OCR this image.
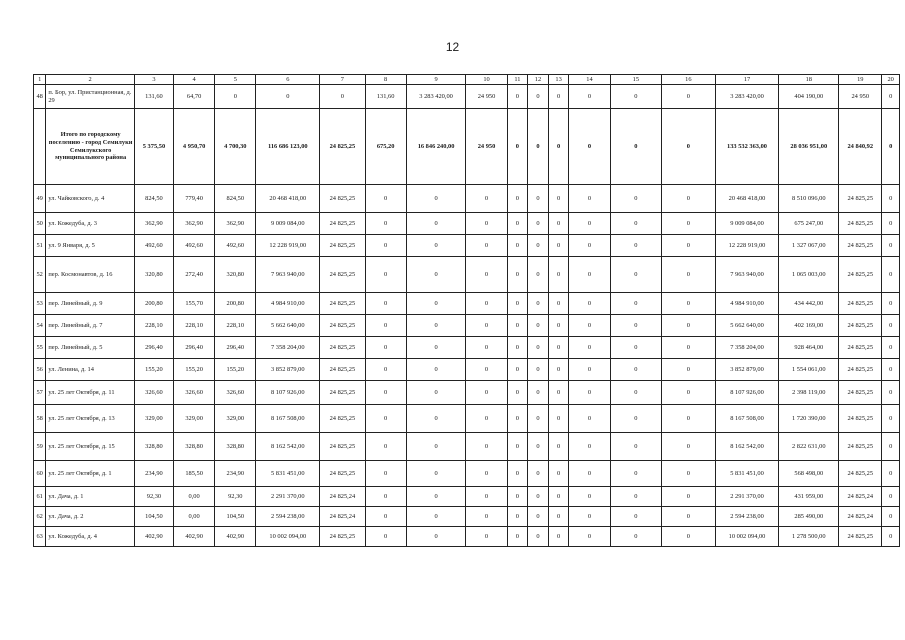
12
1	2	3	4	5	6	7	8	9	10	11	12	13	14	15	16	17	18	19	20
48	п. Бор, ул. Пристанционная, д. 29	131,60	64,70	0	0	0	131,60	3 283 420,00	24 950	0	0	0	0	0	0	3 283 420,00	404 190,00	24 950	0
	Итого по городскому поселению - город Семилуки Семилукского муниципального района	5 375,50	4 950,70	4 700,30	116 686 123,00	24 825,25	675,20	16 846 240,00	24 950	0	0	0	0	0	0	133 532 363,00	28 036 951,00	24 840,92	0
49	ул. Чайковского, д. 4	824,50	779,40	824,50	20 468 418,00	24 825,25	0	0	0	0	0	0	0	0	0	20 468 418,00	8 510 096,00	24 825,25	0
50	ул. Кожедуба, д. 3	362,90	362,90	362,90	9 009 084,00	24 825,25	0	0	0	0	0	0	0	0	0	9 009 084,00	675 247,00	24 825,25	0
51	ул. 9 Января, д. 5	492,60	492,60	492,60	12 228 919,00	24 825,25	0	0	0	0	0	0	0	0	0	12 228 919,00	1 327 067,00	24 825,25	0
52	пер. Космонавтов, д. 16	320,80	272,40	320,80	7 963 940,00	24 825,25	0	0	0	0	0	0	0	0	0	7 963 940,00	1 065 003,00	24 825,25	0
53	пер. Линейный, д. 9	200,80	155,70	200,80	4 984 910,00	24 825,25	0	0	0	0	0	0	0	0	0	4 984 910,00	434 442,00	24 825,25	0
54	пер. Линейный, д. 7	228,10	228,10	228,10	5 662 640,00	24 825,25	0	0	0	0	0	0	0	0	0	5 662 640,00	402 169,00	24 825,25	0
55	пер. Линейный, д. 5	296,40	296,40	296,40	7 358 204,00	24 825,25	0	0	0	0	0	0	0	0	0	7 358 204,00	928 464,00	24 825,25	0
56	ул. Ленина, д. 14	155,20	155,20	155,20	3 852 879,00	24 825,25	0	0	0	0	0	0	0	0	0	3 852 879,00	1 554 061,00	24 825,25	0
57	ул. 25 лет Октября, д. 11	326,60	326,60	326,60	8 107 926,00	24 825,25	0	0	0	0	0	0	0	0	0	8 107 926,00	2 398 119,00	24 825,25	0
58	ул. 25 лет Октября, д. 13	329,00	329,00	329,00	8 167 508,00	24 825,25	0	0	0	0	0	0	0	0	0	8 167 508,00	1 720 390,00	24 825,25	0
59	ул. 25 лет Октября, д. 15	328,80	328,80	328,80	8 162 542,00	24 825,25	0	0	0	0	0	0	0	0	0	8 162 542,00	2 822 631,00	24 825,25	0
60	ул. 25 лет Октября, д. 1	234,90	185,50	234,90	5 831 451,00	24 825,25	0	0	0	0	0	0	0	0	0	5 831 451,00	568 498,00	24 825,25	0
61	ул. Дача, д. 1	92,30	0,00	92,30	2 291 370,00	24 825,24	0	0	0	0	0	0	0	0	0	2 291 370,00	431 959,00	24 825,24	0
62	ул. Дача, д. 2	104,50	0,00	104,50	2 594 238,00	24 825,24	0	0	0	0	0	0	0	0	0	2 594 238,00	285 490,00	24 825,24	0
63	ул. Кожедуба, д. 4	402,90	402,90	402,90	10 002 094,00	24 825,25	0	0	0	0	0	0	0	0	0	10 002 094,00	1 278 500,00	24 825,25	0
